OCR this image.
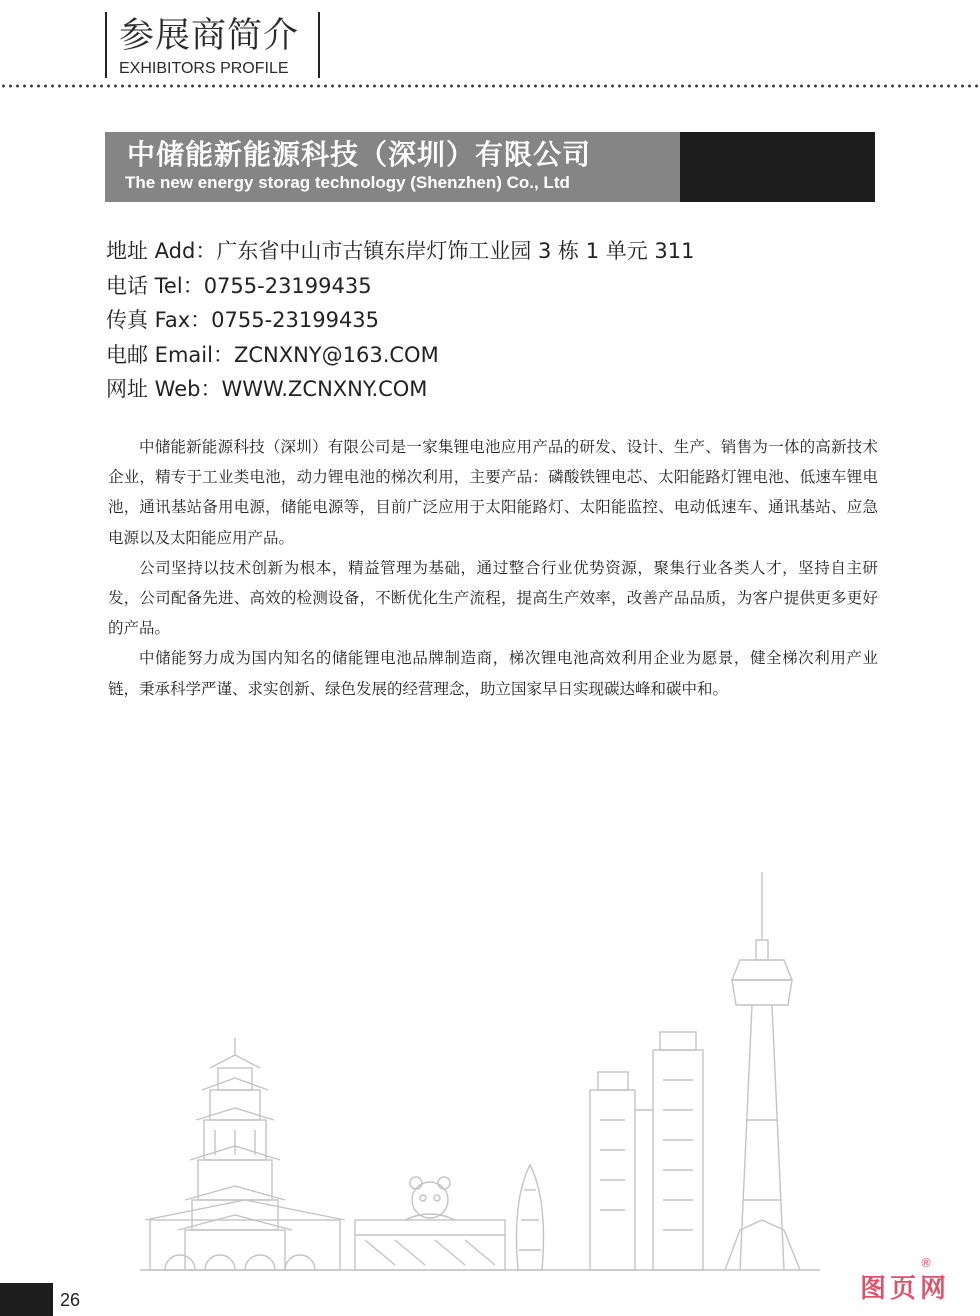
参展商简介
EXHIBITORS PROFILE
中储能新能源科技（深圳）有限公司
The new energy storag technology (Shenzhen) Co., Ltd
地址 Add：广东省中山市古镇东岸灯饰工业园 3 栋 1 单元 311
电话 Tel：0755-23199435
传真 Fax：0755-23199435
电邮 Email：ZCNXNY@163.COM
网址 Web：WWW.ZCNXNY.COM

中储能新能源科技（深圳）有限公司是一家集锂电池应用产品的研发、设计、生产、销售为一体的高新技术企业，精专于工业类电池，动力锂电池的梯次利用，主要产品：磷酸铁锂电芯、太阳能路灯锂电池、低速车锂电池，通讯基站备用电源，储能电源等，目前广泛应用于太阳能路灯、太阳能监控、电动低速车、通讯基站、应急电源以及太阳能应用产品。

公司坚持以技术创新为根本，精益管理为基础，通过整合行业优势资源，聚集行业各类人才，坚持自主研发，公司配备先进、高效的检测设备，不断优化生产流程，提高生产效率，改善产品品质，为客户提供更多更好的产品。

中储能努力成为国内知名的储能锂电池品牌制造商，梯次锂电池高效利用企业为愿景，健全梯次利用产业链，秉承科学严谨、求实创新、绿色发展的经营理念，助立国家早日实现碳达峰和碳中和。

26	图页网
®
